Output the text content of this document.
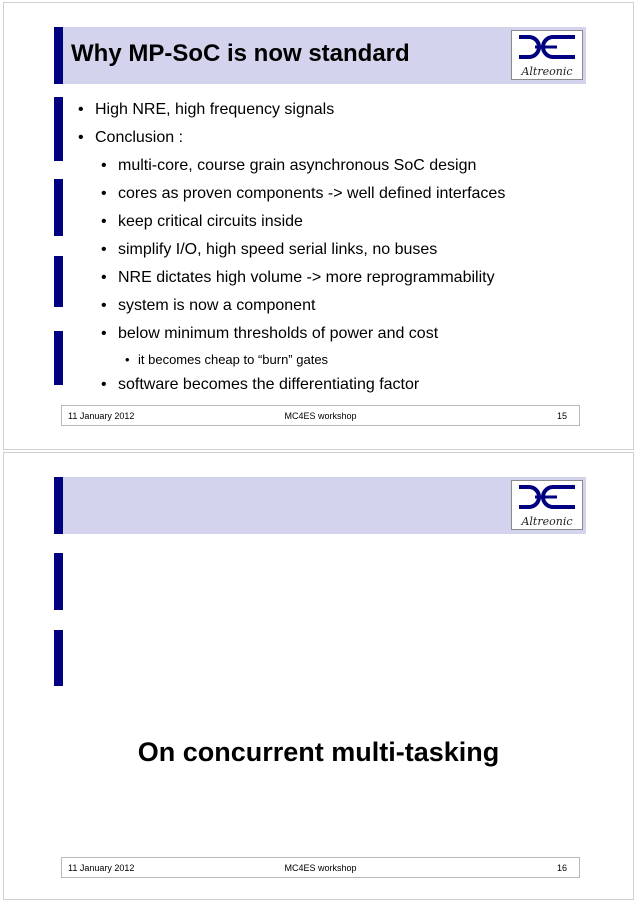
Why MP-SoC is now standard
Altreonic
• High NRE, high frequency signals
• Conclusion :
• multi-core, course grain asynchronous SoC design
• cores as proven components -> well defined interfaces
• keep critical circuits inside
• simplify I/O, high speed serial links, no buses
• NRE dictates high volume -> more reprogrammability
• system is now a component
• below minimum thresholds of power and cost
• it becomes cheap to “burn” gates
• software becomes the differentiating factor
11 January 2012	MC4ES workshop	15
Altreonic
On concurrent multi-tasking
11 January 2012	MC4ES workshop	16
